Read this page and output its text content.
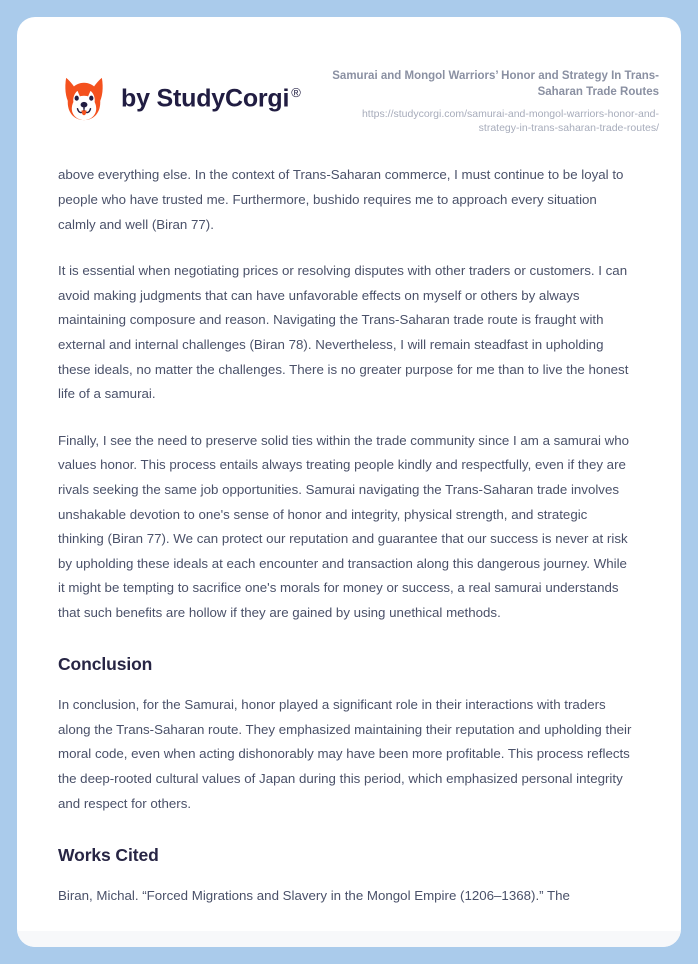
by StudyCorgi ®

Samurai and Mongol Warriors’ Honor and Strategy In Trans-Saharan Trade Routes

https://studycorgi.com/samurai-and-mongol-warriors-honor-and-strategy-in-trans-saharan-trade-routes/

above everything else. In the context of Trans-Saharan commerce, I must continue to be loyal to people who have trusted me. Furthermore, bushido requires me to approach every situation calmly and well (Biran 77).

It is essential when negotiating prices or resolving disputes with other traders or customers. I can avoid making judgments that can have unfavorable effects on myself or others by always maintaining composure and reason. Navigating the Trans-Saharan trade route is fraught with external and internal challenges (Biran 78). Nevertheless, I will remain steadfast in upholding these ideals, no matter the challenges. There is no greater purpose for me than to live the honest life of a samurai.

Finally, I see the need to preserve solid ties within the trade community since I am a samurai who values honor. This process entails always treating people kindly and respectfully, even if they are rivals seeking the same job opportunities. Samurai navigating the Trans-Saharan trade involves unshakable devotion to one's sense of honor and integrity, physical strength, and strategic thinking (Biran 77). We can protect our reputation and guarantee that our success is never at risk by upholding these ideals at each encounter and transaction along this dangerous journey. While it might be tempting to sacrifice one's morals for money or success, a real samurai understands that such benefits are hollow if they are gained by using unethical methods.

Conclusion

In conclusion, for the Samurai, honor played a significant role in their interactions with traders along the Trans-Saharan route. They emphasized maintaining their reputation and upholding their moral code, even when acting dishonorably may have been more profitable. This process reflects the deep-rooted cultural values of Japan during this period, which emphasized personal integrity and respect for others.

Works Cited

Biran, Michal. “Forced Migrations and Slavery in the Mongol Empire (1206–1368).” The
